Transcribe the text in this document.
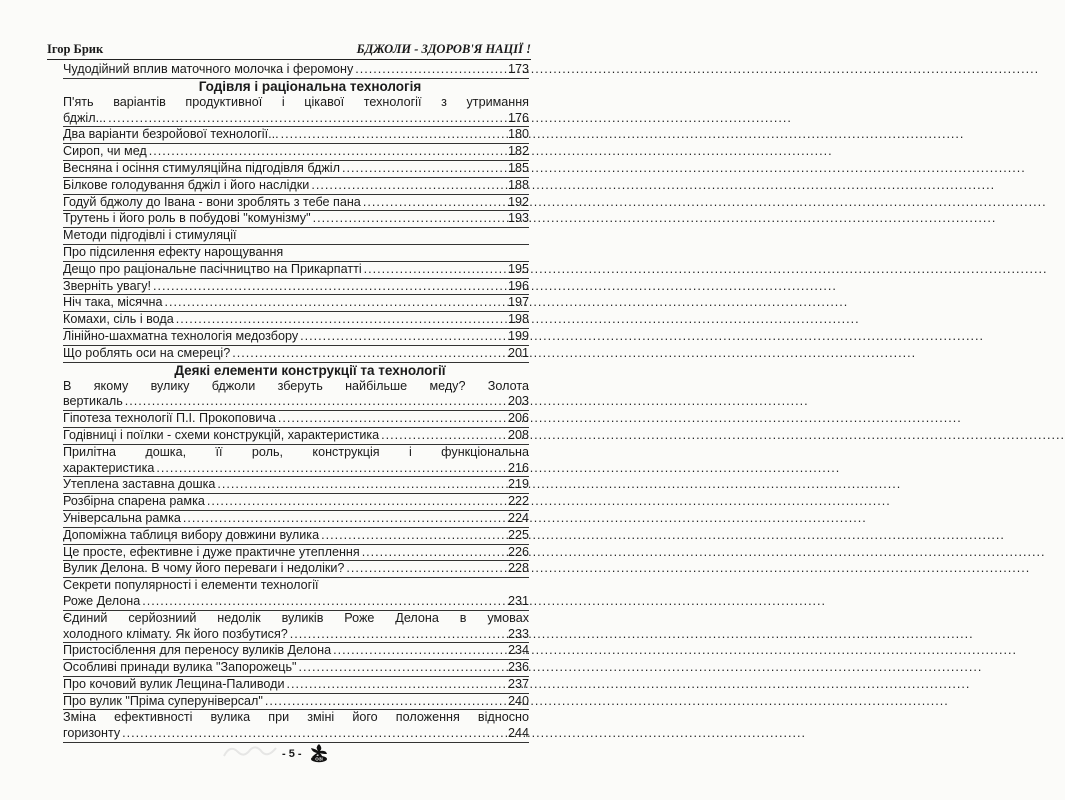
Ігор Брик	БДЖОЛИ - ЗДОРОВ'Я НАЦІЇ !
Чудодійний вплив маточного молочка і феромону .....	173
Годівля і раціональна технологія
П'ять варіантів продуктивної і цікавої технології з утримання
бджіл... .....	176
Два варіанти безройової технології... .....	180
Сироп, чи мед .....	182
Весняна і осіння стимуляційна підгодівля бджіл .....	185
Білкове голодування бджіл і його наслідки .....	188
Годуй бджолу до Івана - вони зроблять з тебе пана .....	192
Трутень і його роль в побудові "комунізму" .....	193
Методи підгодівлі і стимуляції
Про підсилення ефекту нарощування
Дещо про раціональне пасічництво на Прикарпатті .....	195
Зверніть увагу! .....	196
Ніч така, місячна .....	197
Комахи, сіль і вода .....	198
Лінійно-шахматна технологія медозбору .....	199
Що роблять оси на смереці? .....	201
Деякі елементи конструкції та технології
В якому вулику бджоли зберуть найбільше меду? Золота
вертикаль .....	203
Гіпотеза технології П.І. Прокоповича .....	206
Годівниці і поїлки - схеми конструкцій, характеристика .....	208
Прилітна дошка, її роль, конструкція і функціональна
характеристика .....	216
Утеплена заставна дошка .....	219
Розбірна спарена рамка .....	222
Універсальна рамка .....	224
Допоміжна таблиця вибору довжини вулика .....	225
Це просте, ефективне і дуже практичне утеплення .....	226
Вулик Делона. В чому його переваги і недоліки? .....	228
Секрети популярності і елементи технології
Роже Делона .....	231
Єдиний серйозниий недолік вуликів Роже Делона в умовах
холодного клімату. Як його позбутися? .....	233
Пристосіблення для переносу вуликів Делона .....	234
Особливі принади вулика "Запорожець" .....	236
Про кочовий вулик Лещина-Паливоди .....	237
Про вулик "Пріма суперуніверсал" .....	240
Зміна ефективності вулика при зміні його положення відносно
горизонту .....	244
- 5 -	ОЗІ
